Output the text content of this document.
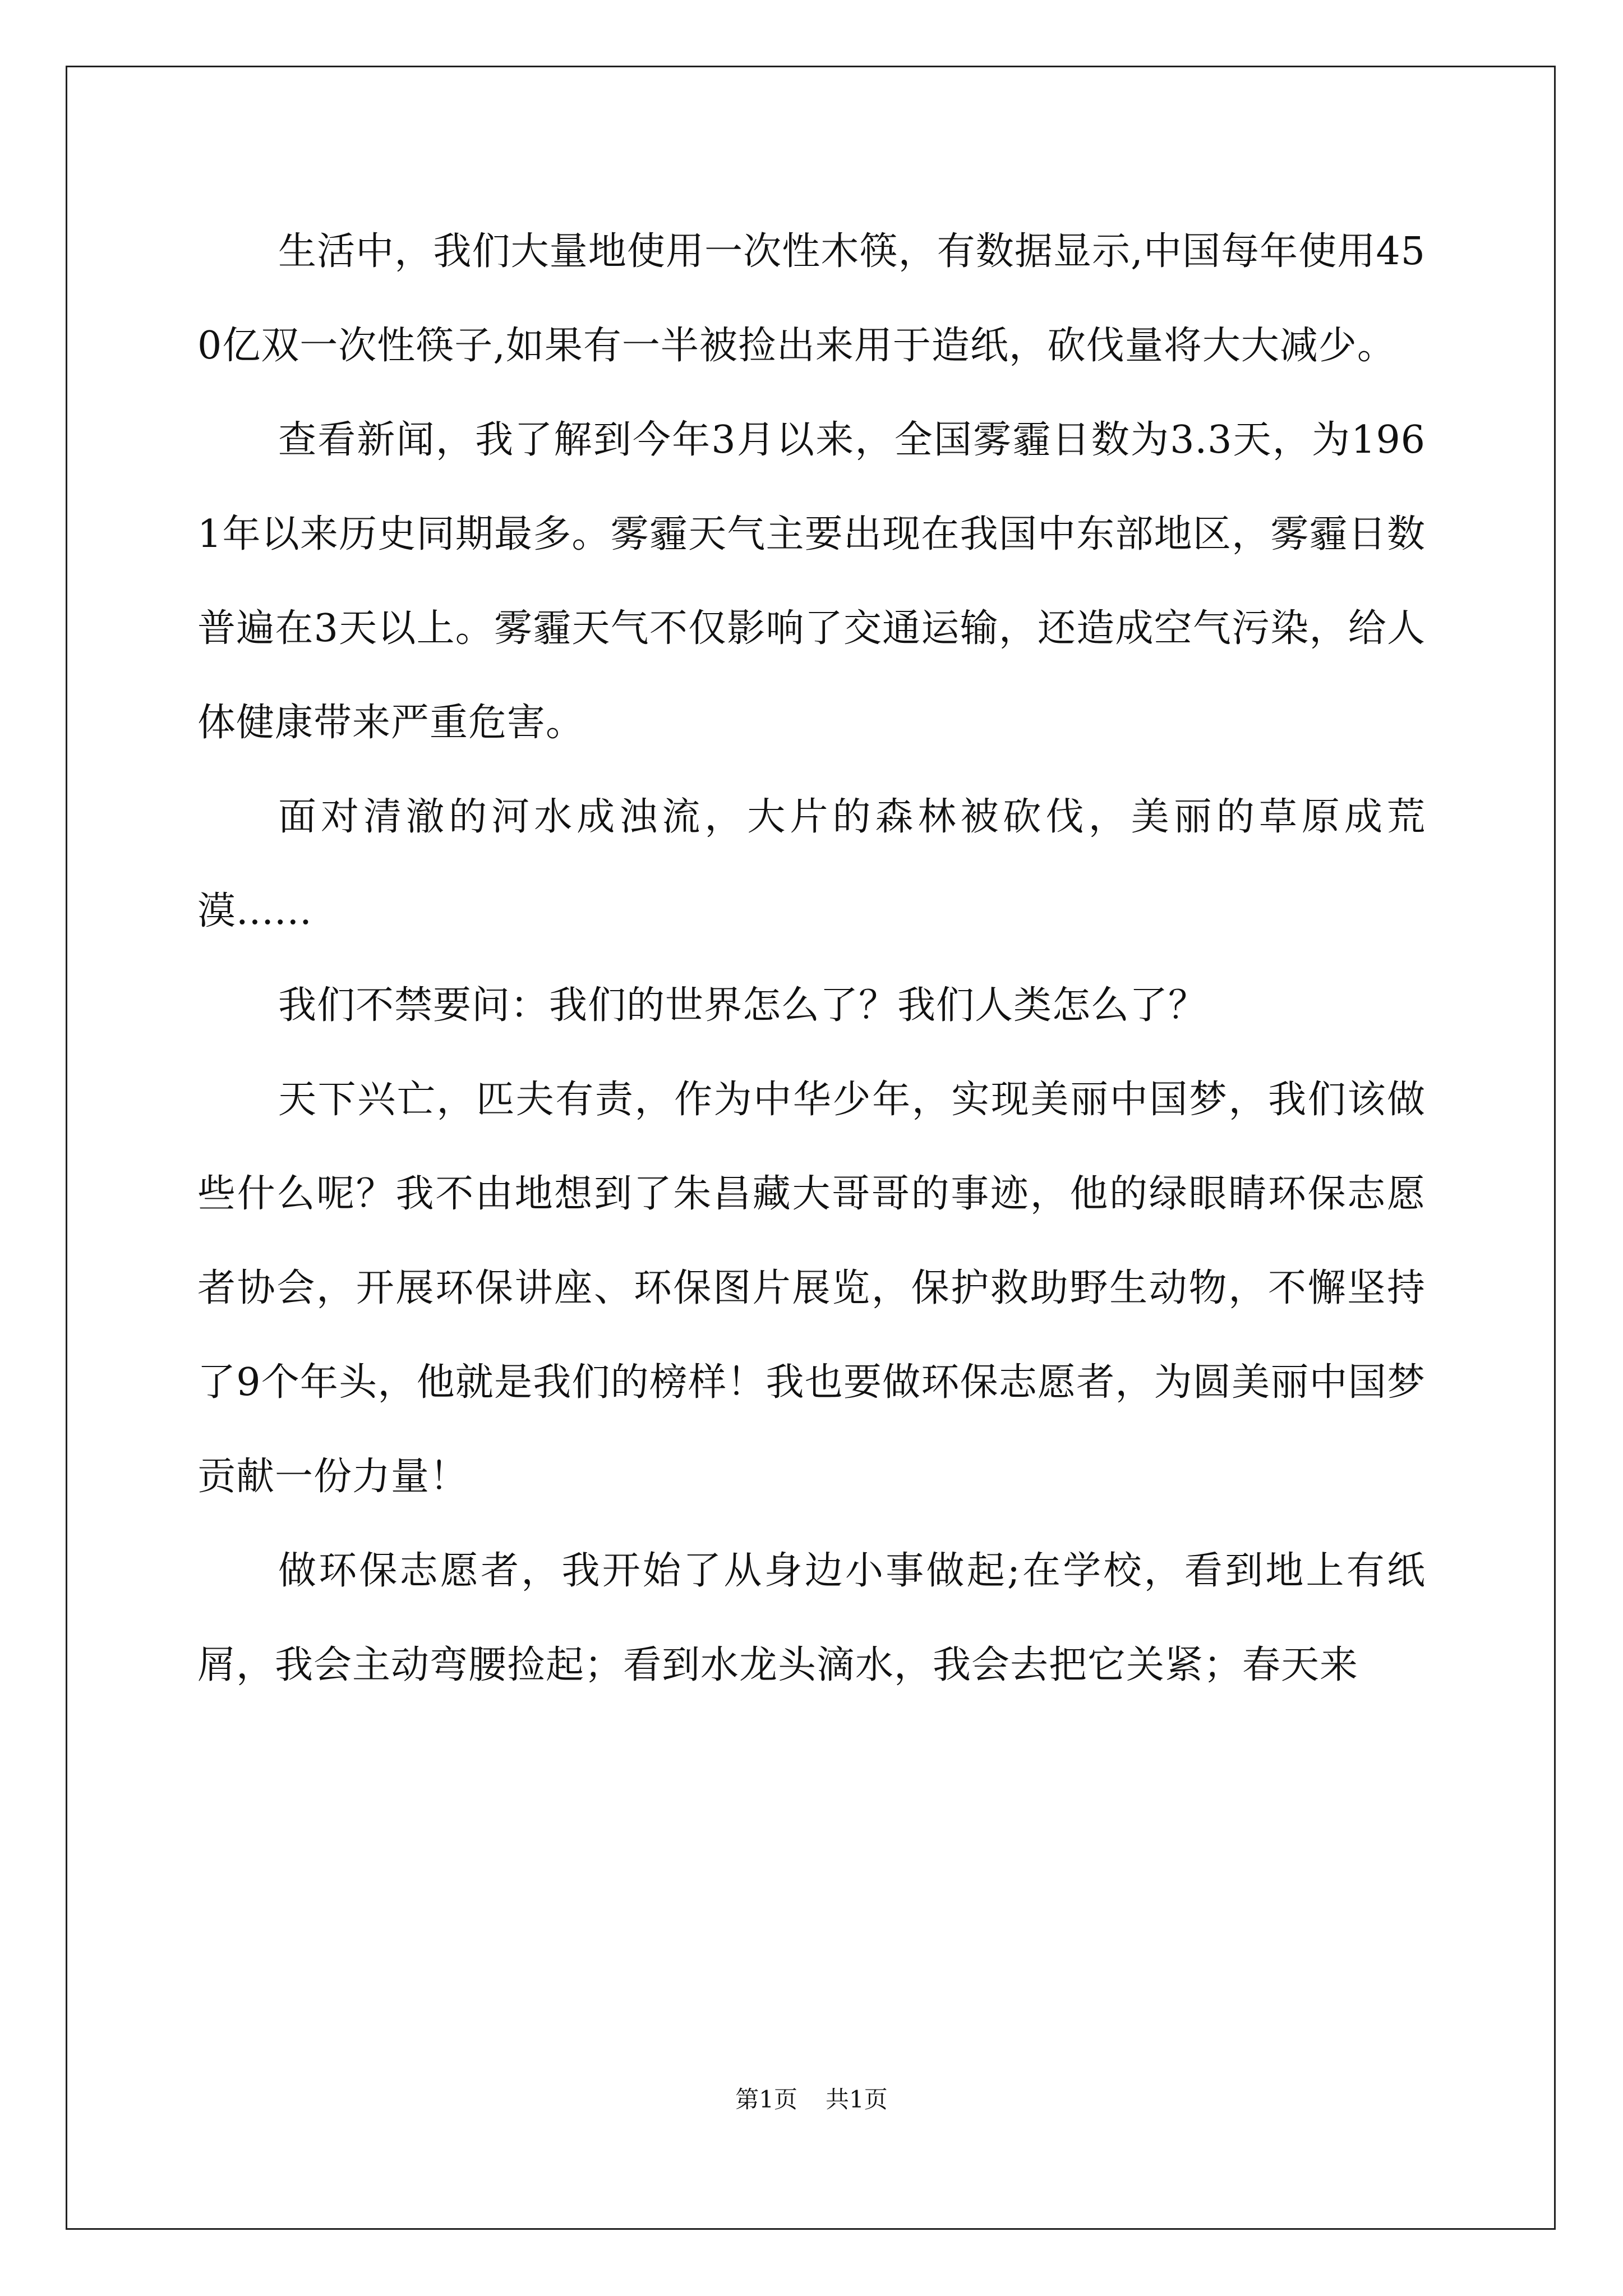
生活中，我们大量地使用一次性木筷，有数据显示,中国每年使用450亿双一次性筷子,如果有一半被捡出来用于造纸，砍伐量将大大减少。

查看新闻，我了解到今年3月以来，全国雾霾日数为3.3天，为1961年以来历史同期最多。雾霾天气主要出现在我国中东部地区，雾霾日数普遍在3天以上。雾霾天气不仅影响了交通运输，还造成空气污染，给人体健康带来严重危害。

面对清澈的河水成浊流，大片的森林被砍伐，美丽的草原成荒漠......

我们不禁要问：我们的世界怎么了？我们人类怎么了？

天下兴亡，匹夫有责，作为中华少年，实现美丽中国梦，我们该做些什么呢？我不由地想到了朱昌藏大哥哥的事迹，他的绿眼睛环保志愿者协会，开展环保讲座、环保图片展览，保护救助野生动物，不懈坚持了9个年头，他就是我们的榜样！我也要做环保志愿者，为圆美丽中国梦贡献一份力量！

做环保志愿者，我开始了从身边小事做起;在学校，看到地上有纸屑，我会主动弯腰捡起；看到水龙头滴水，我会去把它关紧；春天来

第1页 共1页
